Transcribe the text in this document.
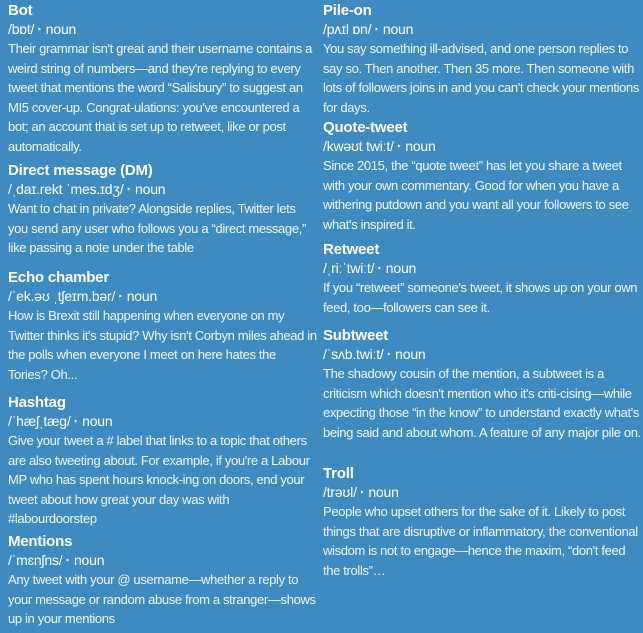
Bot

/bɒt/ ‣ noun

Their grammar isn't great and their username contains a weird string of numbers—and they're replying to every tweet that mentions the word “Salisbury” to suggest an MI5 cover-up. Congrat-ulations: you've encountered a bot; an account that is set up to retweet, like or post automatically.

Direct message (DM)

/ˌdaɪ.rekt ˈmes.ɪdʒ/ ‣ noun

Want to chat in private? Alongside replies, Twitter lets you send any user who follows you a “direct message,” like passing a note under the table

Echo chamber

/ˈek.əʊ ˌtʃeɪm.bər/ ‣ noun

How is Brexit still happening when everyone on my Twitter thinks it's stupid? Why isn't Corbyn miles ahead in the polls when everyone I meet on here hates the Tories? Oh...

Hashtag

/ˈhæʃˌtæg/ ‣ noun

Give your tweet a # label that links to a topic that others are also tweeting about. For example, if you're a Labour MP who has spent hours knock-ing on doors, end your tweet about how great your day was with #labourdoorstep

Mentions

/ˈmɛnʃns/ ‣ noun

Any tweet with your @ username—whether a reply to your message or random abuse from a stranger—shows up in your mentions

Pile-on

/pʌɪl ɒn/ ‣ noun

You say something ill-advised, and one person replies to say so. Then another. Then 35 more. Then someone with lots of followers joins in and you can't check your mentions for days.

Quote-tweet

/kwəʊt twiːt/ ‣ noun

Since 2015, the “quote tweet” has let you share a tweet with your own commentary. Good for when you have a withering putdown and you want all your followers to see what's inspired it.

Retweet

/ˌriːˈtwiːt/ ‣ noun

If you “retweet” someone's tweet, it shows up on your own feed, too—followers can see it.

Subtweet

/ˈsʌb.twiːt/ ‣ noun

The shadowy cousin of the mention, a subtweet is a criticism which doesn't mention who it's criti-cising—while expecting those “in the know” to understand exactly what's being said and about whom. A feature of any major pile on.

Troll

/trəʊl/ ‣ noun

People who upset others for the sake of it. Likely to post things that are disruptive or inflammatory, the conventional wisdom is not to engage—hence the maxim, “don't feed the trolls”…
